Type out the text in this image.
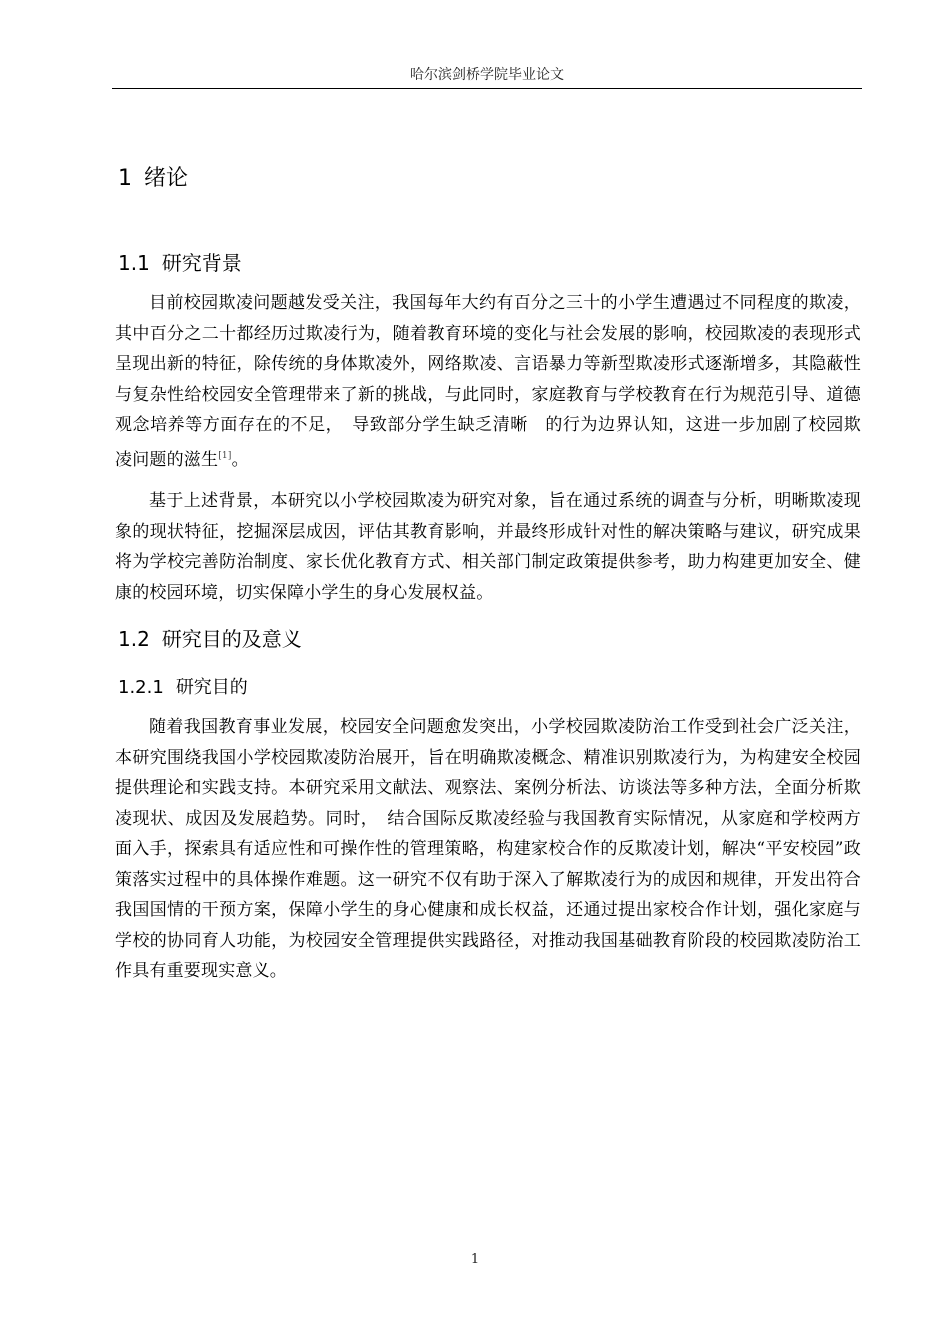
哈尔滨剑桥学院毕业论文
1 绪论
1.1 研究背景

目前校园欺凌问题越发受关注，我国每年大约有百分之三十的小学生遭遇过不同程度的欺凌，其中百分之二十都经历过欺凌行为，随着教育环境的变化与社会发展的影响，校园欺凌的表现形式呈现出新的特征，除传统的身体欺凌外，网络欺凌、言语暴力等新型欺凌形式逐渐增多，其隐蔽性与复杂性给校园安全管理带来了新的挑战，与此同时，家庭教育与学校教育在行为规范引导、道德观念培养等方面存在的不足，　导致部分学生缺乏清晰　的行为边界认知，这进一步加剧了校园欺凌问题的滋生[1]。

基于上述背景，本研究以小学校园欺凌为研究对象，旨在通过系统的调查与分析，明晰欺凌现象的现状特征，挖掘深层成因，评估其教育影响，并最终形成针对性的解决策略与建议，研究成果将为学校完善防治制度、家长优化教育方式、相关部门制定政策提供参考，助力构建更加安全、健康的校园环境，切实保障小学生的身心发展权益。

1.2 研究目的及意义
1.2.1 研究目的

随着我国教育事业发展，校园安全问题愈发突出，小学校园欺凌防治工作受到社会广泛关注，本研究围绕我国小学校园欺凌防治展开，旨在明确欺凌概念、精准识别欺凌行为，为构建安全校园提供理论和实践支持。本研究采用文献法、观察法、案例分析法、访谈法等多种方法，全面分析欺凌现状、成因及发展趋势。同时，　结合国际反欺凌经验与我国教育实际情况，从家庭和学校两方面入手，探索具有适应性和可操作性的管理策略，构建家校合作的反欺凌计划，解决“平安校园”政策落实过程中的具体操作难题。这一研究不仅有助于深入了解欺凌行为的成因和规律，开发出符合我国国情的干预方案，保障小学生的身心健康和成长权益，还通过提出家校合作计划，强化家庭与学校的协同育人功能，为校园安全管理提供实践路径，对推动我国基础教育阶段的校园欺凌防治工作具有重要现实意义。

1
